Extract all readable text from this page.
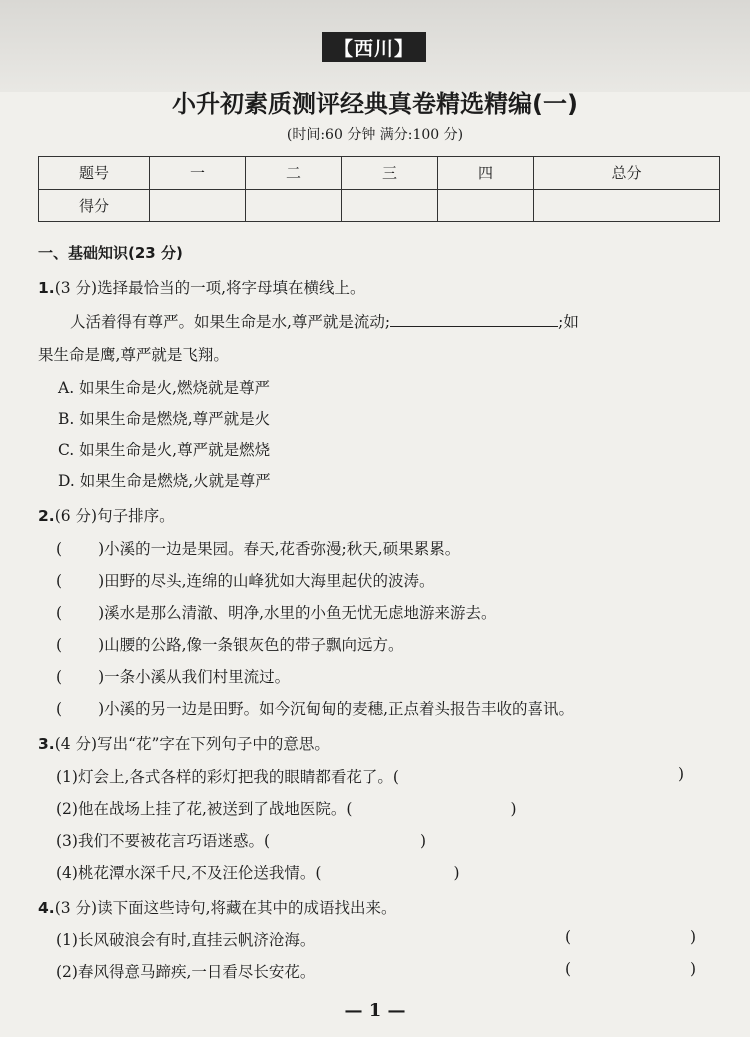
【西川】
小升初素质测评经典真卷精选精编(一)
(时间:60 分钟 满分:100 分)
题号	一	二	三	四	总分
得分					
一、基础知识(23 分)
1.(3 分)选择最恰当的一项,将字母填在横线上。
人活着得有尊严。如果生命是水,尊严就是流动;	;如
果生命是鹰,尊严就是飞翔。
A. 如果生命是火,燃烧就是尊严
B. 如果生命是燃烧,尊严就是火
C. 如果生命是火,尊严就是燃烧
D. 如果生命是燃烧,火就是尊严
2.(6 分)句子排序。
( )小溪的一边是果园。春天,花香弥漫;秋天,硕果累累。
( )田野的尽头,连绵的山峰犹如大海里起伏的波涛。
( )溪水是那么清澈、明净,水里的小鱼无忧无虑地游来游去。
( )山腰的公路,像一条银灰色的带子飘向远方。
( )一条小溪从我们村里流过。
( )小溪的另一边是田野。如今沉甸甸的麦穗,正点着头报告丰收的喜讯。
3.(4 分)写出“花”字在下列句子中的意思。
(1)灯会上,各式各样的彩灯把我的眼睛都看花了。(	)
(2)他在战场上挂了花,被送到了战地医院。(	)
(3)我们不要被花言巧语迷惑。(	)
(4)桃花潭水深千尺,不及汪伦送我情。(	)
4.(3 分)读下面这些诗句,将藏在其中的成语找出来。
(1)长风破浪会有时,直挂云帆济沧海。	(	)
(2)春风得意马蹄疾,一日看尽长安花。	(	)
— 1 —
